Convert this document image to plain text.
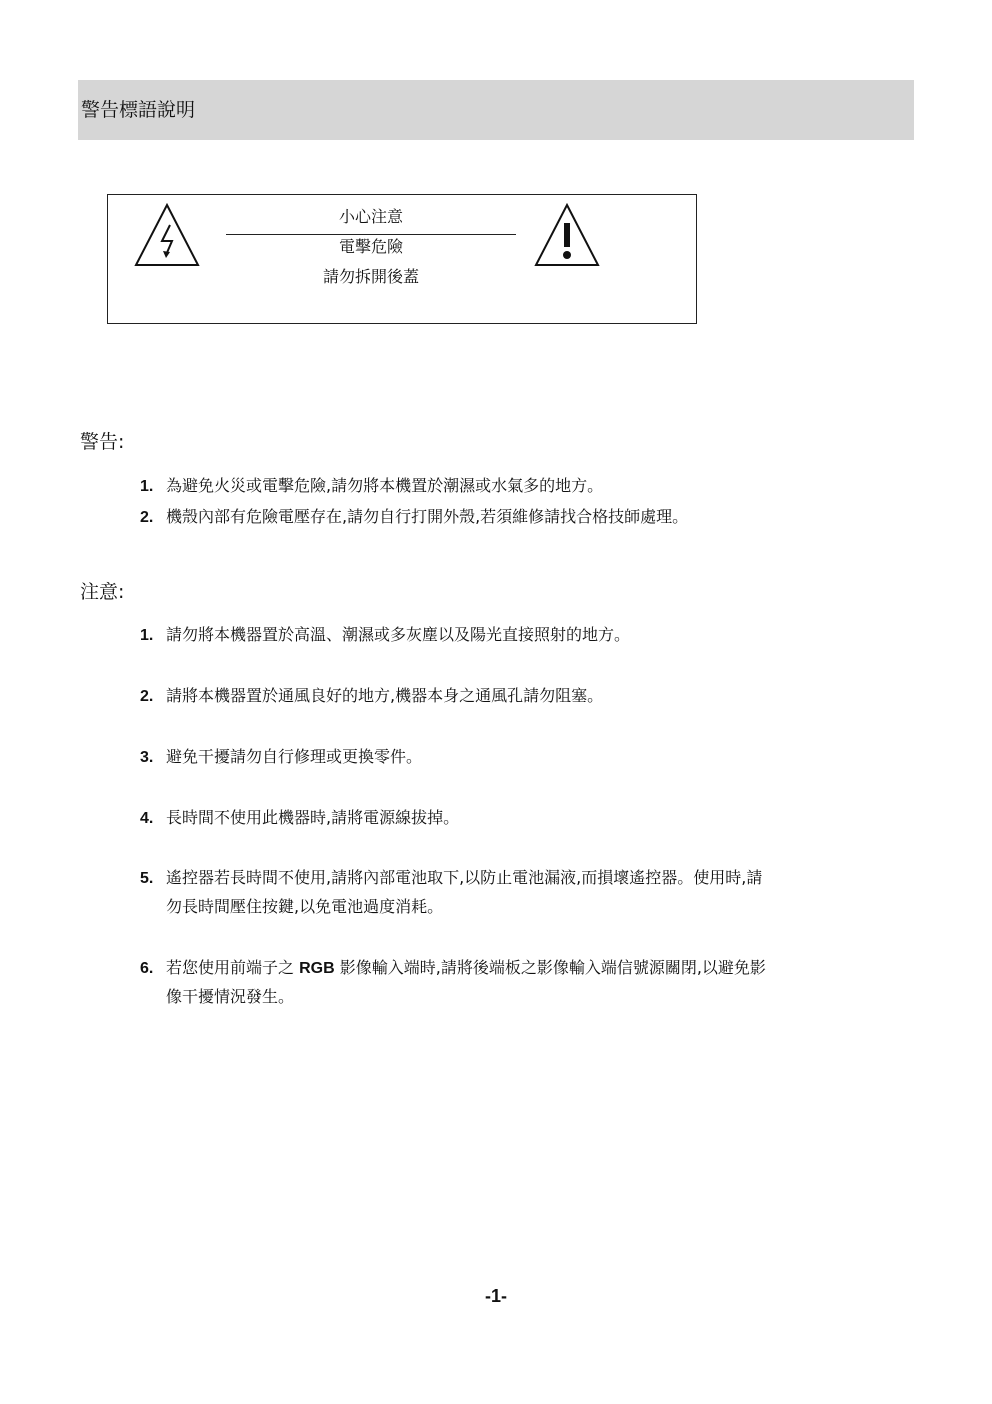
警告標語說明
小心注意
電擊危險
請勿拆開後蓋
警告:
1. 為避免火災或電擊危險,請勿將本機置於潮濕或水氣多的地方。
2. 機殼內部有危險電壓存在,請勿自行打開外殼,若須維修請找合格技師處理。
注意:
1. 請勿將本機器置於高溫、潮濕或多灰塵以及陽光直接照射的地方。
2. 請將本機器置於通風良好的地方,機器本身之通風孔請勿阻塞。
3. 避免干擾請勿自行修理或更換零件。
4. 長時間不使用此機器時,請將電源線拔掉。
5. 遙控器若長時間不使用,請將內部電池取下,以防止電池漏液,而損壞遙控器。使用時,請
勿長時間壓住按鍵,以免電池過度消耗。
6. 若您使用前端子之 RGB 影像輸入端時,請將後端板之影像輸入端信號源關閉,以避免影
像干擾情況發生。
-1-
